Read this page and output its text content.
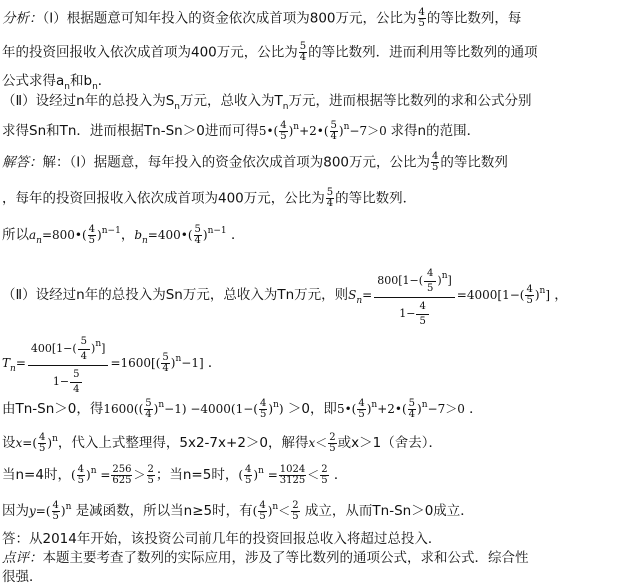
分析：（Ⅰ）根据题意可知年投入的资金依次成首项为800万元，公比为 $\frac{4}{5}$ 的等比数列，每
年的投资回报收入依次成首项为400万元，公比为 $\frac{5}{4}$ 的等比数列．进而利用等比数列的通项
公式求得$a_n$和$b_n$．
（Ⅱ）设经过n年的总投入为$S_n$万元，总收入为$T_n$万元，进而根据等比数列的求和公式分别
求得Sn和Tn．进而根据Tn-Sn＞0进而可得5•( $\frac{4}{5}$ )$^n$+2•( $\frac{5}{4} )^n-7>0$ 求得n的范围．
解答：解：（Ⅰ）据题意，每年投入的资金依次成首项为800万元，公比为 $\frac{4}{5}$ 的等比数列
，每年的投资回报收入依次成首项为400万元，公比为 $\frac{5}{4}$ 的等比数列．
所以$a_n=800•( \frac{4}{5} )^{n-1}$，$b_n=400•( \frac{5}{4} )^{n-1}$ ．
（Ⅱ）设经过n年的总投入为Sn万元，总收入为Tn万元，则$S_n= \frac{800[1-( \frac{4}{5} )^n]}{1- \frac{4}{5}} =4000[1-( \frac{4}{5} )^n]$ ，
$T_n= \frac{400[1-( \frac{5}{4} )^n]}{1- \frac{5}{4}} =1600[( \frac{5}{4} )^n-1]$ ．
由Tn-Sn＞0，得$1600(( \frac{5}{4} )^n-1) -4000(1-( \frac{4}{5} )^n) >0$，即5•( $\frac{4}{5}$ )$^n$+2•( $\frac{5}{4} )^n-7>0$ ．
设$x=( \frac{4}{5} )^n$，代入上式整理得，5x2-7x+2＞0，解得$x< \frac{2}{5}$ 或x＞1（舍去）．
当n=4时，( $\frac{4}{5} )^n = \frac{256}{625} > \frac{2}{5}$ ；当n=5时，( $\frac{4}{5} )^n = \frac{1024}{3125} < \frac{2}{5}$ ．
因为$y=( \frac{4}{5} )^n$ 是减函数，所以当n≥5时，有( $\frac{4}{5} )^n< \frac{2}{5}$ 成立，从而Tn-Sn＞0成立．
答：从2014年开始，该投资公司前几年的投资回报总收入将超过总投入．
点评：本题主要考查了数列的实际应用，涉及了等比数列的通项公式，求和公式．综合性
很强．
